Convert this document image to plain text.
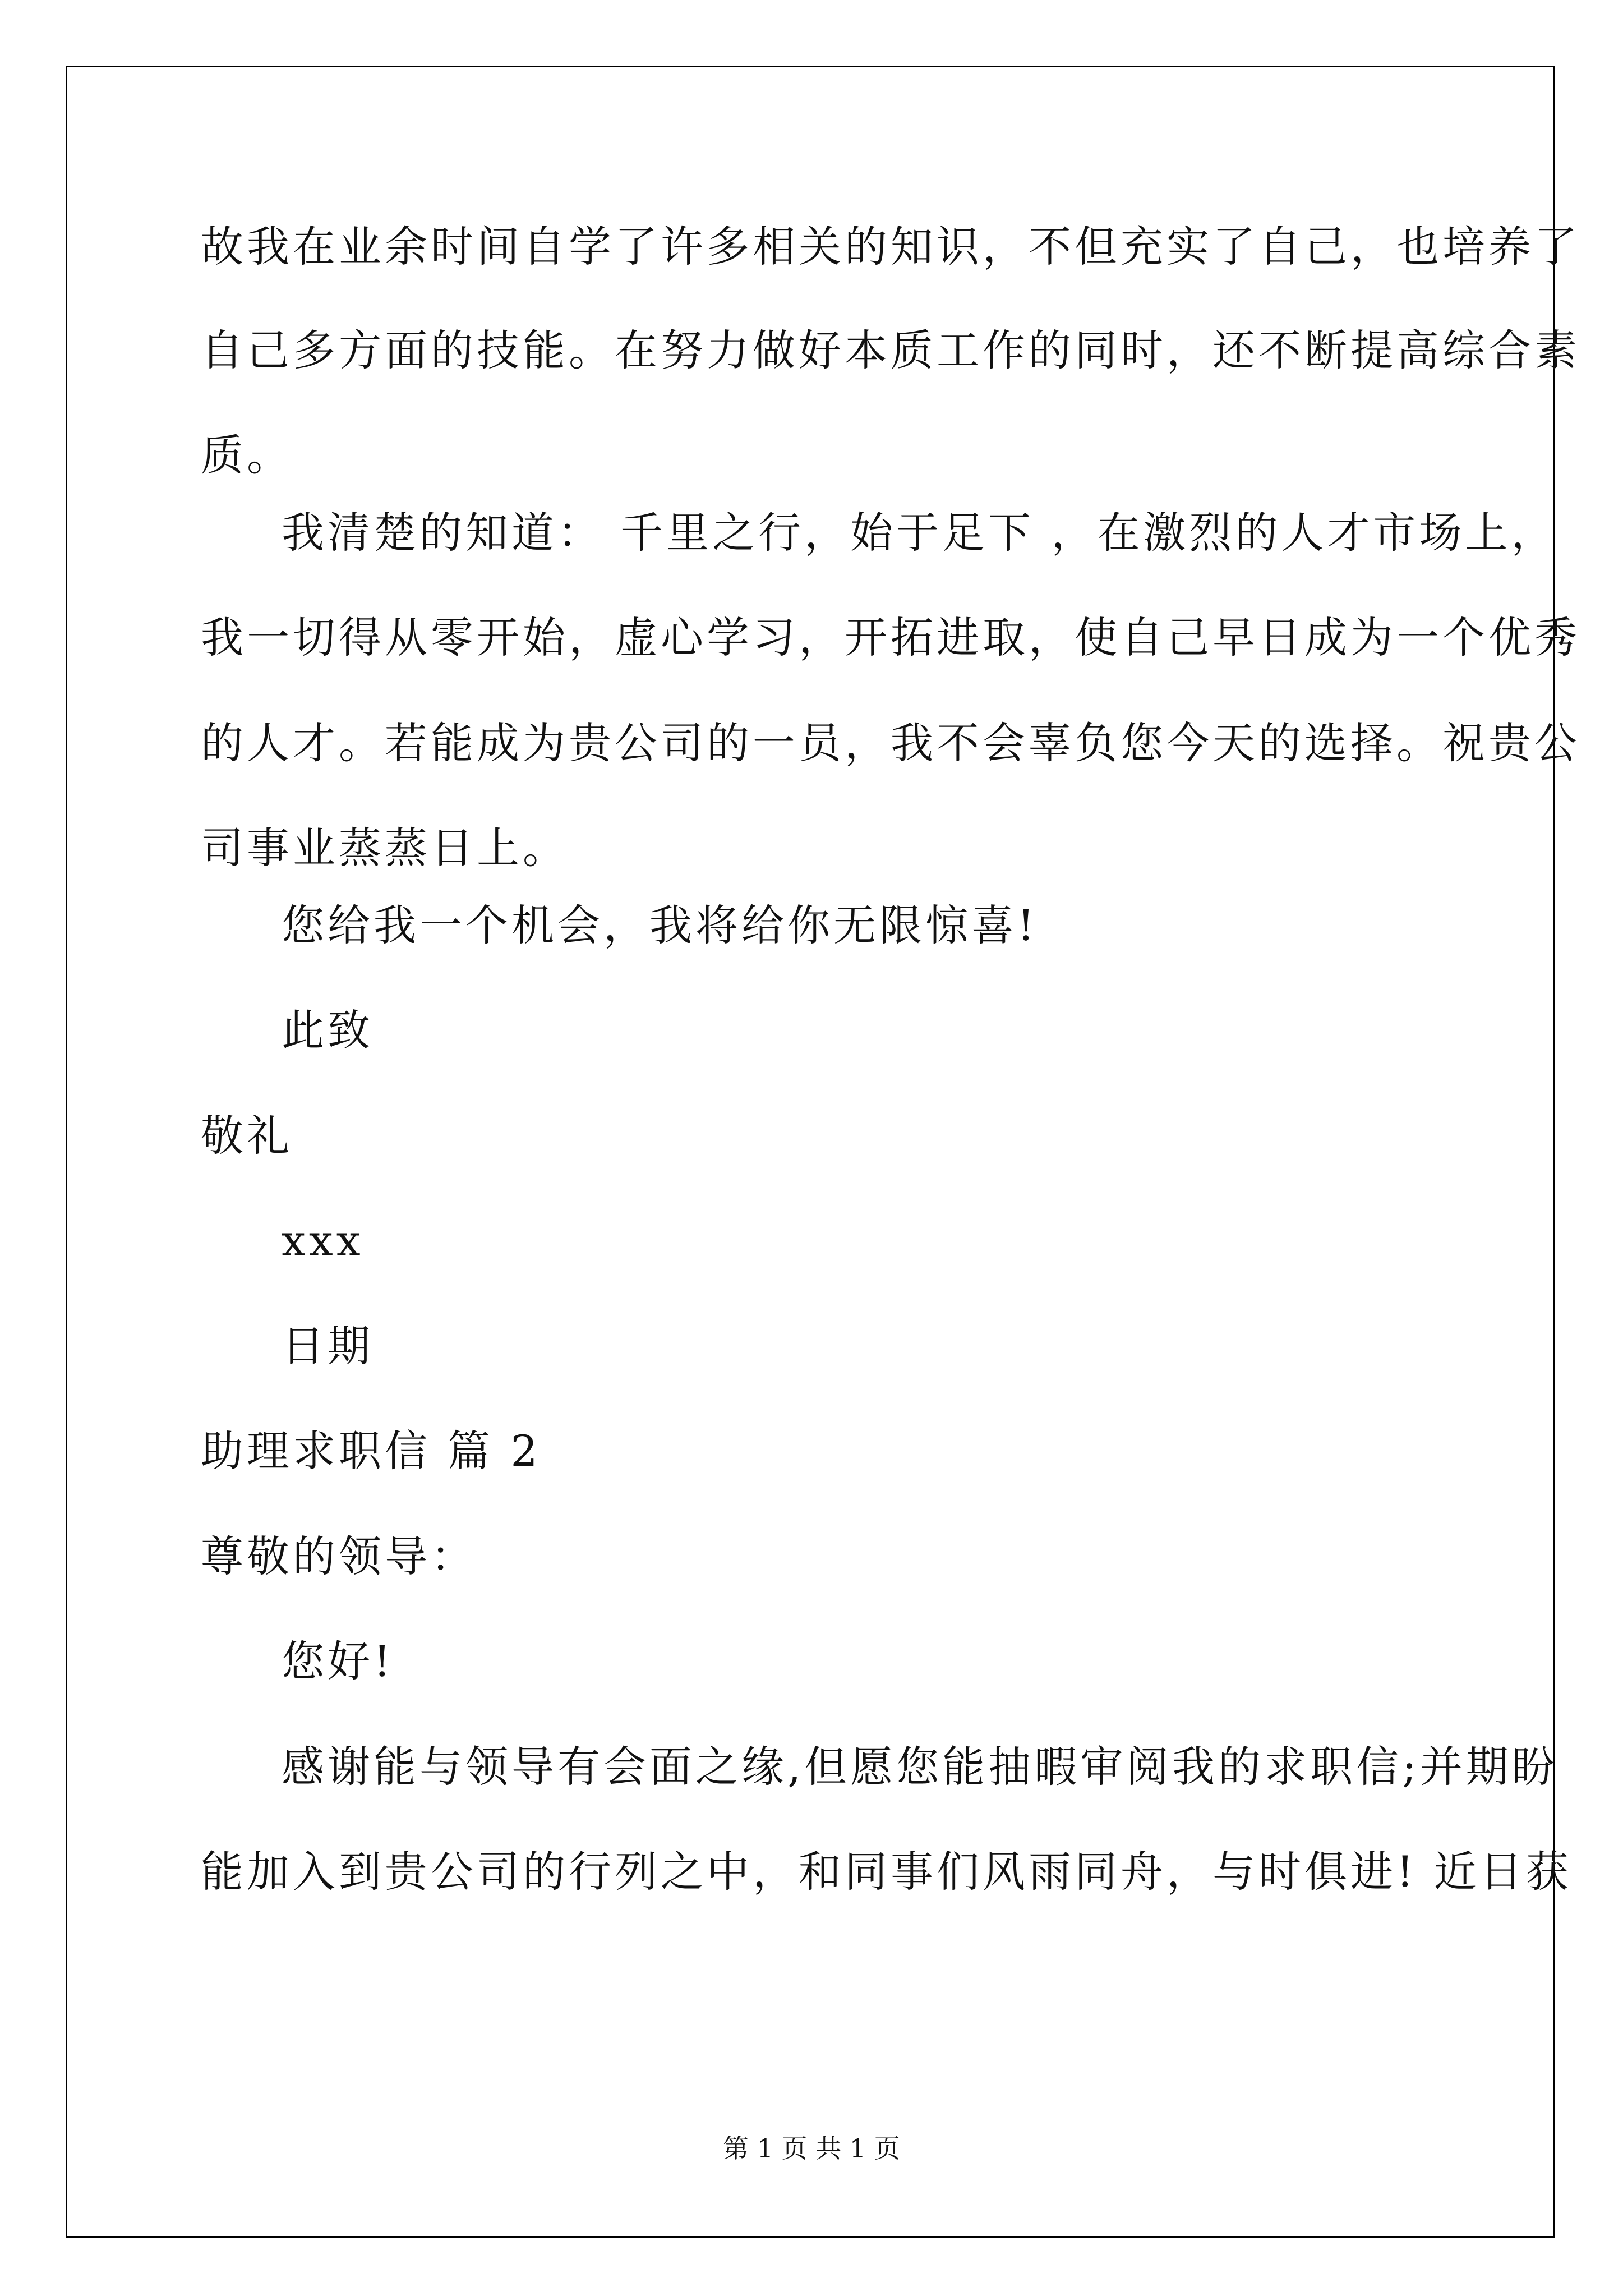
故我在业余时间自学了许多相关的知识，不但充实了自己，也培养了
自己多方面的技能。在努力做好本质工作的同时，还不断提高综合素
质。
我清楚的知道： 千里之行，始于足下 ，在激烈的人才市场上，
我一切得从零开始，虚心学习，开拓进取，使自己早日成为一个优秀
的人才。若能成为贵公司的一员，我不会辜负您今天的选择。祝贵公
司事业蒸蒸日上。
您给我一个机会，我将给你无限惊喜!
此致
敬礼
xxx
日期
助理求职信 篇 2
尊敬的领导：
您好!
感谢能与领导有会面之缘,但愿您能抽暇审阅我的求职信;并期盼
能加入到贵公司的行列之中，和同事们风雨同舟，与时俱进! 近日获
第 1 页 共 1 页
